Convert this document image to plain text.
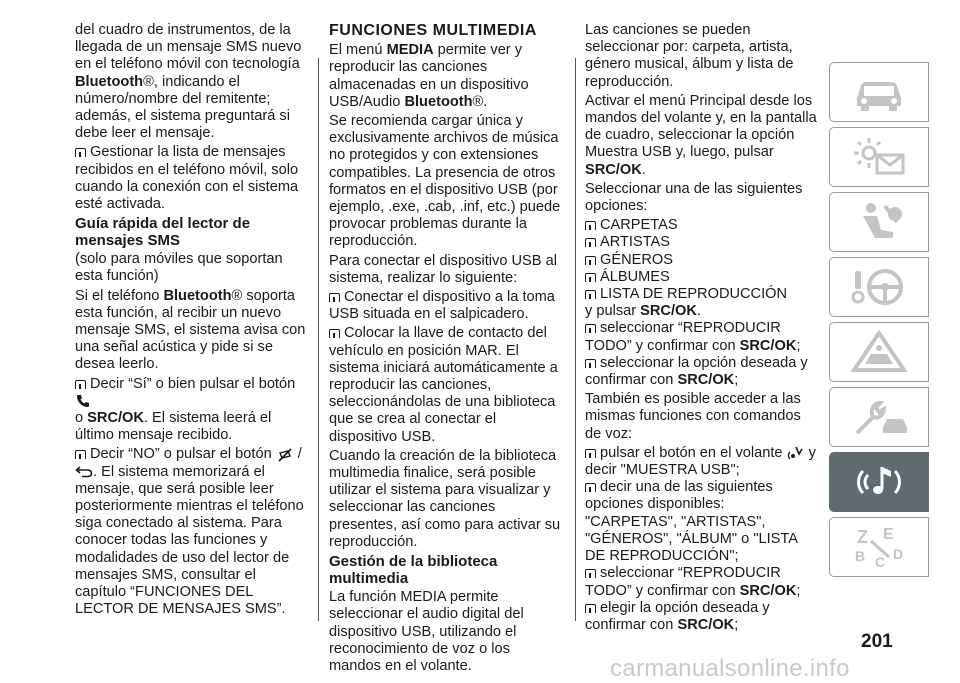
del cuadro de instrumentos, de la llegada de un mensaje SMS nuevo en el teléfono móvil con tecnología Bluetooth®, indicando el número/nombre del remitente; además, el sistema preguntará si debe leer el mensaje.

Gestionar la lista de mensajes recibidos en el teléfono móvil, solo cuando la conexión con el sistema esté activada.

Guía rápida del lector de mensajes SMS

(solo para móviles que soportan esta función)

Si el teléfono Bluetooth® soporta esta función, al recibir un nuevo mensaje SMS, el sistema avisa con una señal acústica y pide si se desea leerlo.

Decir “Sí” o bien pulsar el botón
o SRC/OK. El sistema leerá el último mensaje recibido.

Decir “NO” o pulsar el botón  /
. El sistema memorizará el mensaje, que será posible leer posteriormente mientras el teléfono siga conectado al sistema. Para conocer todas las funciones y modalidades de uso del lector de mensajes SMS, consultar el capítulo “FUNCIONES DEL LECTOR DE MENSAJES SMS”.

FUNCIONES MULTIMEDIA

El menú MEDIA permite ver y reproducir las canciones almacenadas en un dispositivo USB/Audio Bluetooth®.

Se recomienda cargar única y exclusivamente archivos de música no protegidos y con extensiones compatibles. La presencia de otros formatos en el dispositivo USB (por ejemplo, .exe, .cab, .inf, etc.) puede provocar problemas durante la reproducción.

Para conectar el dispositivo USB al sistema, realizar lo siguiente:

Conectar el dispositivo a la toma USB situada en el salpicadero.

Colocar la llave de contacto del vehículo en posición MAR. El sistema iniciará automáticamente a reproducir las canciones, seleccionándolas de una biblioteca que se crea al conectar el dispositivo USB.

Cuando la creación de la biblioteca multimedia finalice, será posible utilizar el sistema para visualizar y seleccionar las canciones presentes, así como para activar su reproducción.

Gestión de la biblioteca multimedia

La función MEDIA permite seleccionar el audio digital del dispositivo USB, utilizando el reconocimiento de voz o los mandos en el volante.

Las canciones se pueden seleccionar por: carpeta, artista, género musical, álbum y lista de reproducción.

Activar el menú Principal desde los mandos del volante y, en la pantalla de cuadro, seleccionar la opción Muestra USB y, luego, pulsar SRC/OK.

Seleccionar una de las siguientes opciones:

CARPETAS

ARTISTAS

GÉNEROS

ÁLBUMES

LISTA DE REPRODUCCIÓN
y pulsar SRC/OK.

seleccionar “REPRODUCIR TODO” y confirmar con SRC/OK;

seleccionar la opción deseada y confirmar con SRC/OK;

También es posible acceder a las mismas funciones con comandos de voz:

pulsar el botón en el volante  y decir "MUESTRA USB";

decir una de las siguientes opciones disponibles: "CARPETAS", "ARTISTAS", "GÉNEROS", "ÁLBUM" o "LISTA DE REPRODUCCIÓN";

seleccionar “REPRODUCIR TODO” y confirmar con SRC/OK;

elegir la opción deseada y confirmar con SRC/OK;

Z E
B C D
201
carmanualsonline.info
